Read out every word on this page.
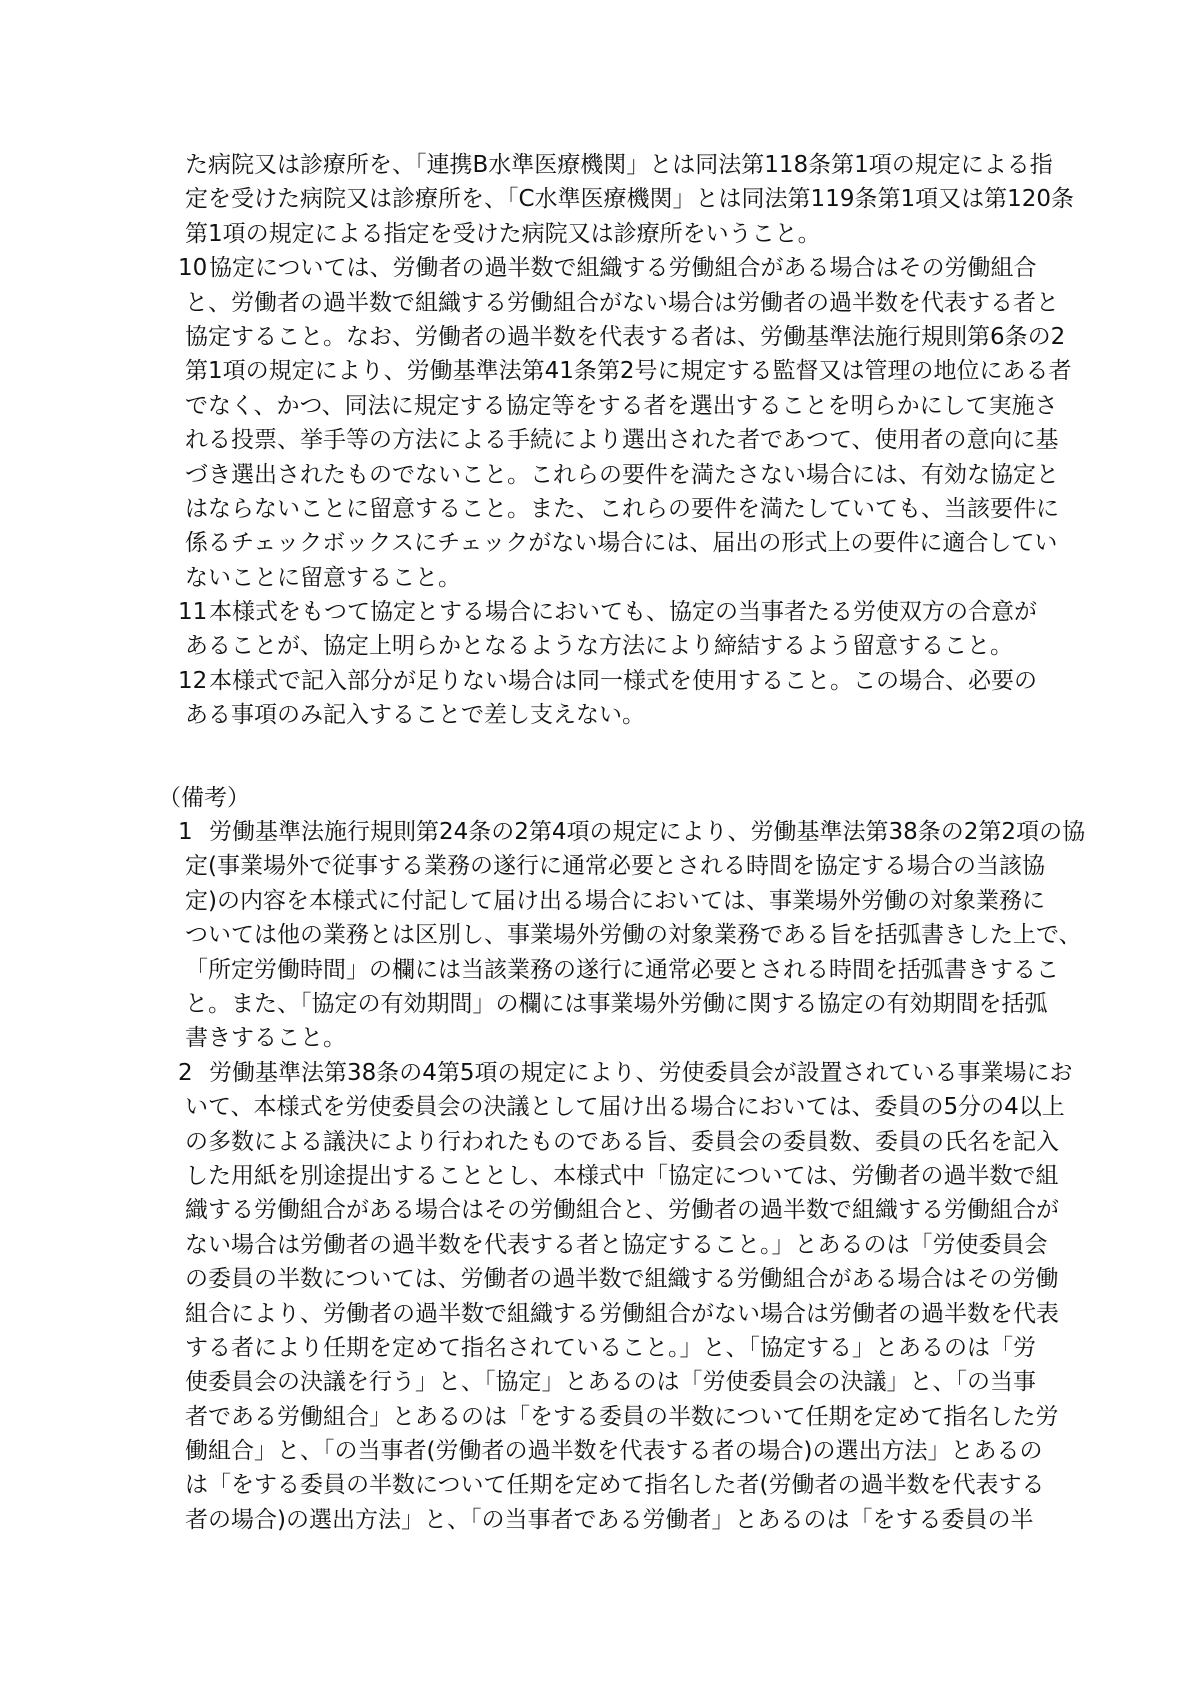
た病院又は診療所を、「連携B水準医療機関」とは同法第118条第1項の規定による指
定を受けた病院又は診療所を、「C水準医療機関」とは同法第119条第1項又は第120条
第1項の規定による指定を受けた病院又は診療所をいうこと。
協定については、労働者の過半数で組織する労働組合がある場合はその労働組合
10
と、労働者の過半数で組織する労働組合がない場合は労働者の過半数を代表する者と
協定すること。なお、労働者の過半数を代表する者は、労働基準法施行規則第6条の2
第1項の規定により、労働基準法第41条第2号に規定する監督又は管理の地位にある者
でなく、かつ、同法に規定する協定等をする者を選出することを明らかにして実施さ
れる投票、挙手等の方法による手続により選出された者であつて、使用者の意向に基
づき選出されたものでないこと。これらの要件を満たさない場合には、有効な協定と
はならないことに留意すること。また、これらの要件を満たしていても、当該要件に
係るチェックボックスにチェックがない場合には、届出の形式上の要件に適合してい
ないことに留意すること。
本様式をもつて協定とする場合においても、協定の当事者たる労使双方の合意が
11
あることが、協定上明らかとなるような方法により締結するよう留意すること。
本様式で記入部分が足りない場合は同一様式を使用すること。この場合、必要の
12
ある事項のみ記入することで差し支えない。
（備考）
労働基準法施行規則第24条の2第4項の規定により、労働基準法第38条の2第2項の協
1
定(事業場外で従事する業務の遂行に通常必要とされる時間を協定する場合の当該協
定)の内容を本様式に付記して届け出る場合においては、事業場外労働の対象業務に
ついては他の業務とは区別し、事業場外労働の対象業務である旨を括弧書きした上で、
「所定労働時間」の欄には当該業務の遂行に通常必要とされる時間を括弧書きするこ
と。また、「協定の有効期間」の欄には事業場外労働に関する協定の有効期間を括弧
書きすること。
労働基準法第38条の4第5項の規定により、労使委員会が設置されている事業場にお
2
いて、本様式を労使委員会の決議として届け出る場合においては、委員の5分の4以上
の多数による議決により行われたものである旨、委員会の委員数、委員の氏名を記入
した用紙を別途提出することとし、本様式中「協定については、労働者の過半数で組
織する労働組合がある場合はその労働組合と、労働者の過半数で組織する労働組合が
ない場合は労働者の過半数を代表する者と協定すること。」とあるのは「労使委員会
の委員の半数については、労働者の過半数で組織する労働組合がある場合はその労働
組合により、労働者の過半数で組織する労働組合がない場合は労働者の過半数を代表
する者により任期を定めて指名されていること。」と、「協定する」とあるのは「労
使委員会の決議を行う」と、「協定」とあるのは「労使委員会の決議」と、「の当事
者である労働組合」とあるのは「をする委員の半数について任期を定めて指名した労
働組合」と、「の当事者(労働者の過半数を代表する者の場合)の選出方法」とあるの
は「をする委員の半数について任期を定めて指名した者(労働者の過半数を代表する
者の場合)の選出方法」と、「の当事者である労働者」とあるのは「をする委員の半
